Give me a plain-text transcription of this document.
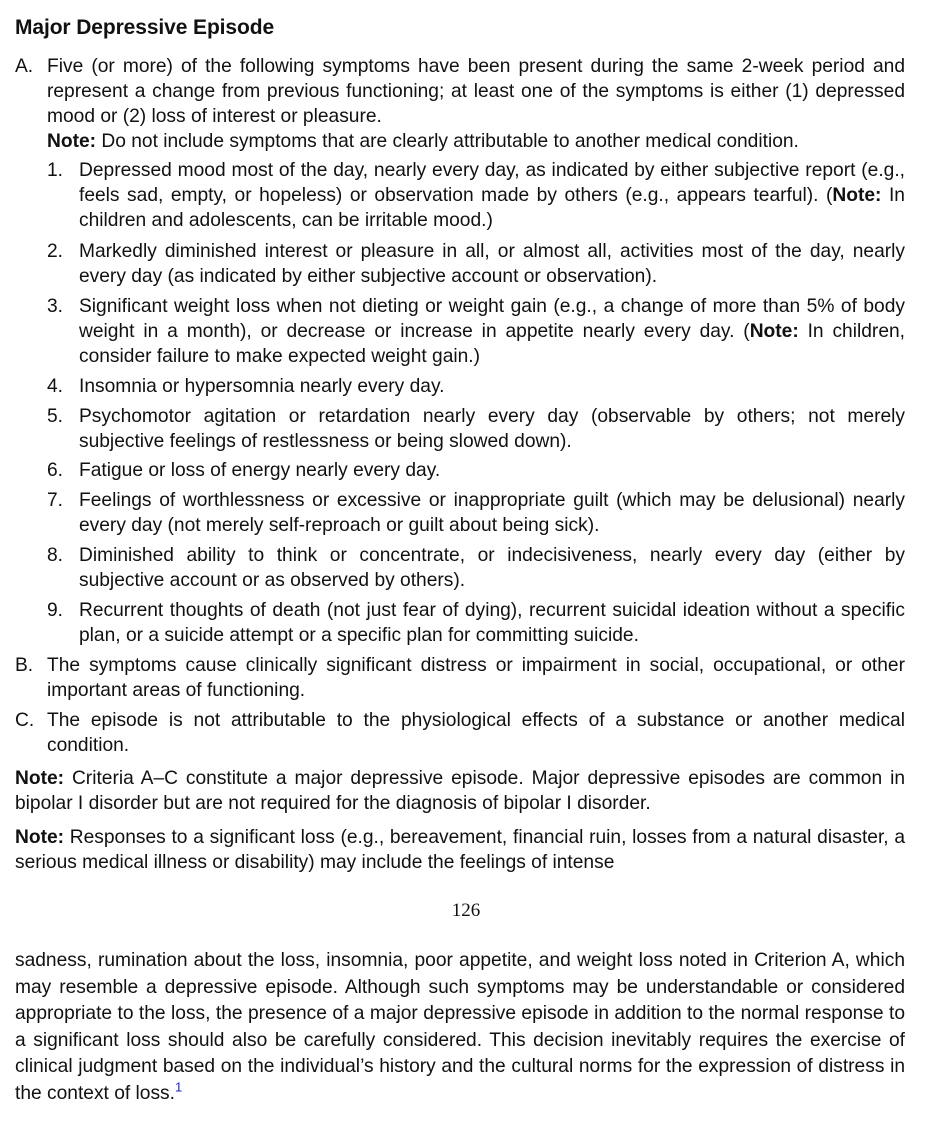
Major Depressive Episode
A. Five (or more) of the following symptoms have been present during the same 2-week period and represent a change from previous functioning; at least one of the symptoms is either (1) depressed mood or (2) loss of interest or pleasure.
Note: Do not include symptoms that are clearly attributable to another medical condition.
1. Depressed mood most of the day, nearly every day, as indicated by either subjective report (e.g., feels sad, empty, or hopeless) or observation made by others (e.g., appears tearful). (Note: In children and adolescents, can be irritable mood.)
2. Markedly diminished interest or pleasure in all, or almost all, activities most of the day, nearly every day (as indicated by either subjective account or observation).
3. Significant weight loss when not dieting or weight gain (e.g., a change of more than 5% of body weight in a month), or decrease or increase in appetite nearly every day. (Note: In children, consider failure to make expected weight gain.)
4. Insomnia or hypersomnia nearly every day.
5. Psychomotor agitation or retardation nearly every day (observable by others; not merely subjective feelings of restlessness or being slowed down).
6. Fatigue or loss of energy nearly every day.
7. Feelings of worthlessness or excessive or inappropriate guilt (which may be delusional) nearly every day (not merely self-reproach or guilt about being sick).
8. Diminished ability to think or concentrate, or indecisiveness, nearly every day (either by subjective account or as observed by others).
9. Recurrent thoughts of death (not just fear of dying), recurrent suicidal ideation without a specific plan, or a suicide attempt or a specific plan for committing suicide.
B. The symptoms cause clinically significant distress or impairment in social, occupational, or other important areas of functioning.
C. The episode is not attributable to the physiological effects of a substance or another medical condition.

Note: Criteria A–C constitute a major depressive episode. Major depressive episodes are common in bipolar I disorder but are not required for the diagnosis of bipolar I disorder.

Note: Responses to a significant loss (e.g., bereavement, financial ruin, losses from a natural disaster, a serious medical illness or disability) may include the feelings of intense

126

sadness, rumination about the loss, insomnia, poor appetite, and weight loss noted in Criterion A, which may resemble a depressive episode. Although such symptoms may be understandable or considered appropriate to the loss, the presence of a major depressive episode in addition to the normal response to a significant loss should also be carefully considered. This decision inevitably requires the exercise of clinical judgment based on the individual’s history and the cultural norms for the expression of distress in the context of loss.$^1$
